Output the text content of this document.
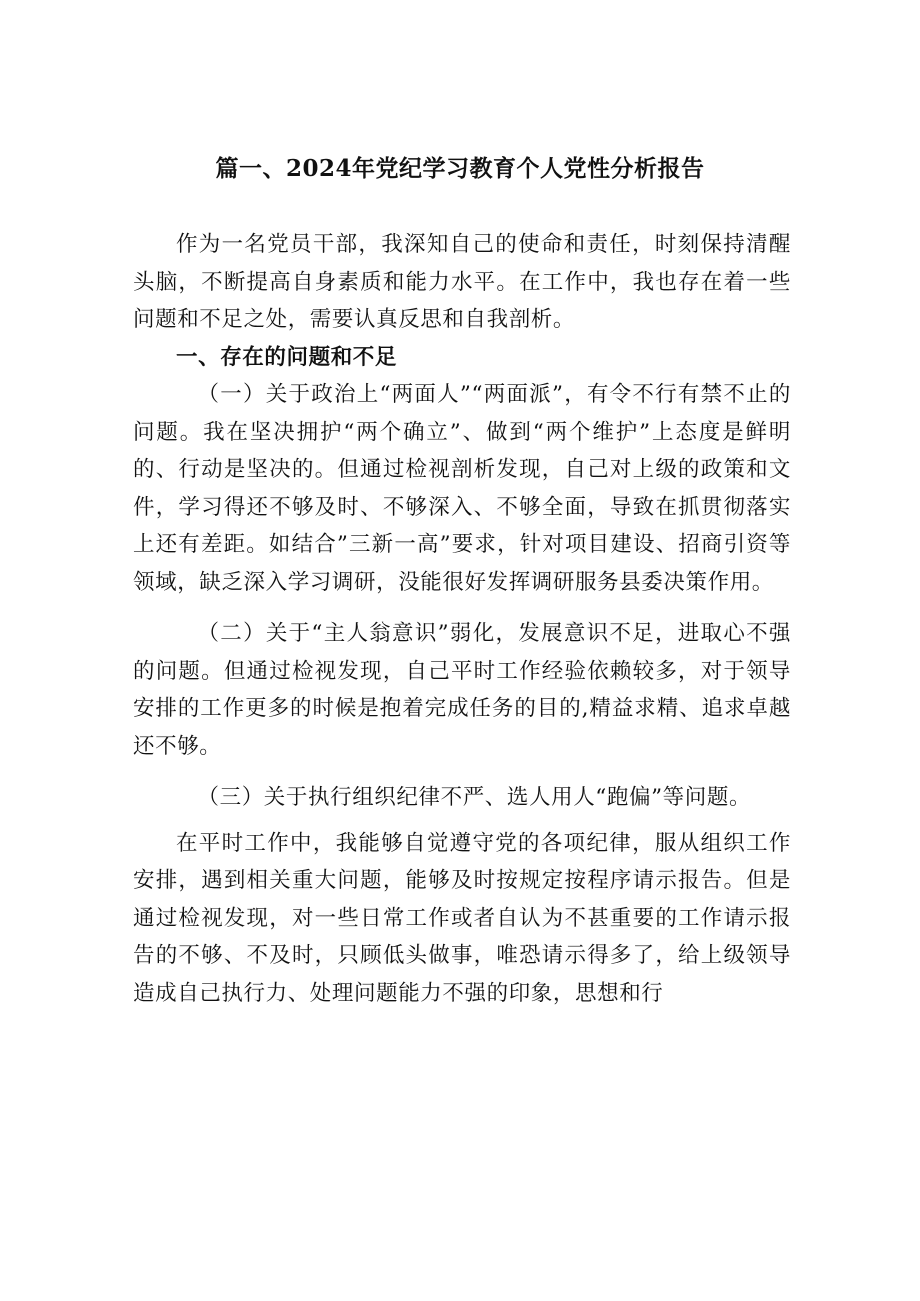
篇一、2024年党纪学习教育个人党性分析报告

作为一名党员干部，我深知自己的使命和责任，时刻保持清醒头脑，不断提高自身素质和能力水平。在工作中，我也存在着一些问题和不足之处，需要认真反思和自我剖析。

一、存在的问题和不足

（一）关于政治上“两面人”“两面派”，有令不行有禁不止的问题。我在坚决拥护“两个确立”、做到“两个维护”上态度是鲜明的、行动是坚决的。但通过检视剖析发现，自己对上级的政策和文件，学习得还不够及时、不够深入、不够全面，导致在抓贯彻落实上还有差距。如结合”三新一高”要求，针对项目建设、招商引资等领域，缺乏深入学习调研，没能很好发挥调研服务县委决策作用。

（二）关于“主人翁意识”弱化，发展意识不足，进取心不强的问题。但通过检视发现，自己平时工作经验依赖较多，对于领导安排的工作更多的时候是抱着完成任务的目的,精益求精、追求卓越还不够。

（三）关于执行组织纪律不严、选人用人“跑偏”等问题。

在平时工作中，我能够自觉遵守党的各项纪律，服从组织工作安排，遇到相关重大问题，能够及时按规定按程序请示报告。但是通过检视发现，对一些日常工作或者自认为不甚重要的工作请示报告的不够、不及时，只顾低头做事，唯恐请示得多了，给上级领导造成自己执行力、处理问题能力不强的印象，思想和行
